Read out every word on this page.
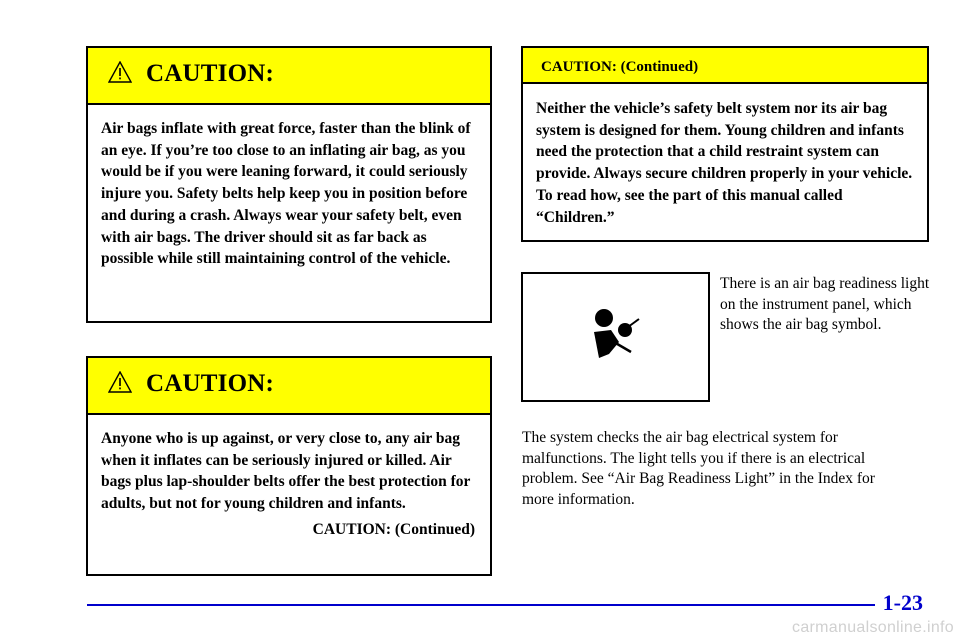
CAUTION:
Air bags inflate with great force, faster than the blink of an eye. If you’re too close to an inflating air bag, as you would be if you were leaning forward, it could seriously injure you. Safety belts help keep you in position before and during a crash. Always wear your safety belt, even with air bags. The driver should sit as far back as possible while still maintaining control of the vehicle.
CAUTION:
Anyone who is up against, or very close to, any air bag when it inflates can be seriously injured or killed. Air bags plus lap-shoulder belts offer the best protection for adults, but not for young children and infants.
CAUTION: (Continued)
CAUTION: (Continued)
Neither the vehicle’s safety belt system nor its air bag system is designed for them. Young children and infants need the protection that a child restraint system can provide. Always secure children properly in your vehicle. To read how, see the part of this manual called “Children.”
There is an air bag readiness light on the instrument panel, which shows the air bag symbol.
The system checks the air bag electrical system for malfunctions. The light tells you if there is an electrical problem. See “Air Bag Readiness Light” in the Index for more information.
1-23
carmanualsonline.info
